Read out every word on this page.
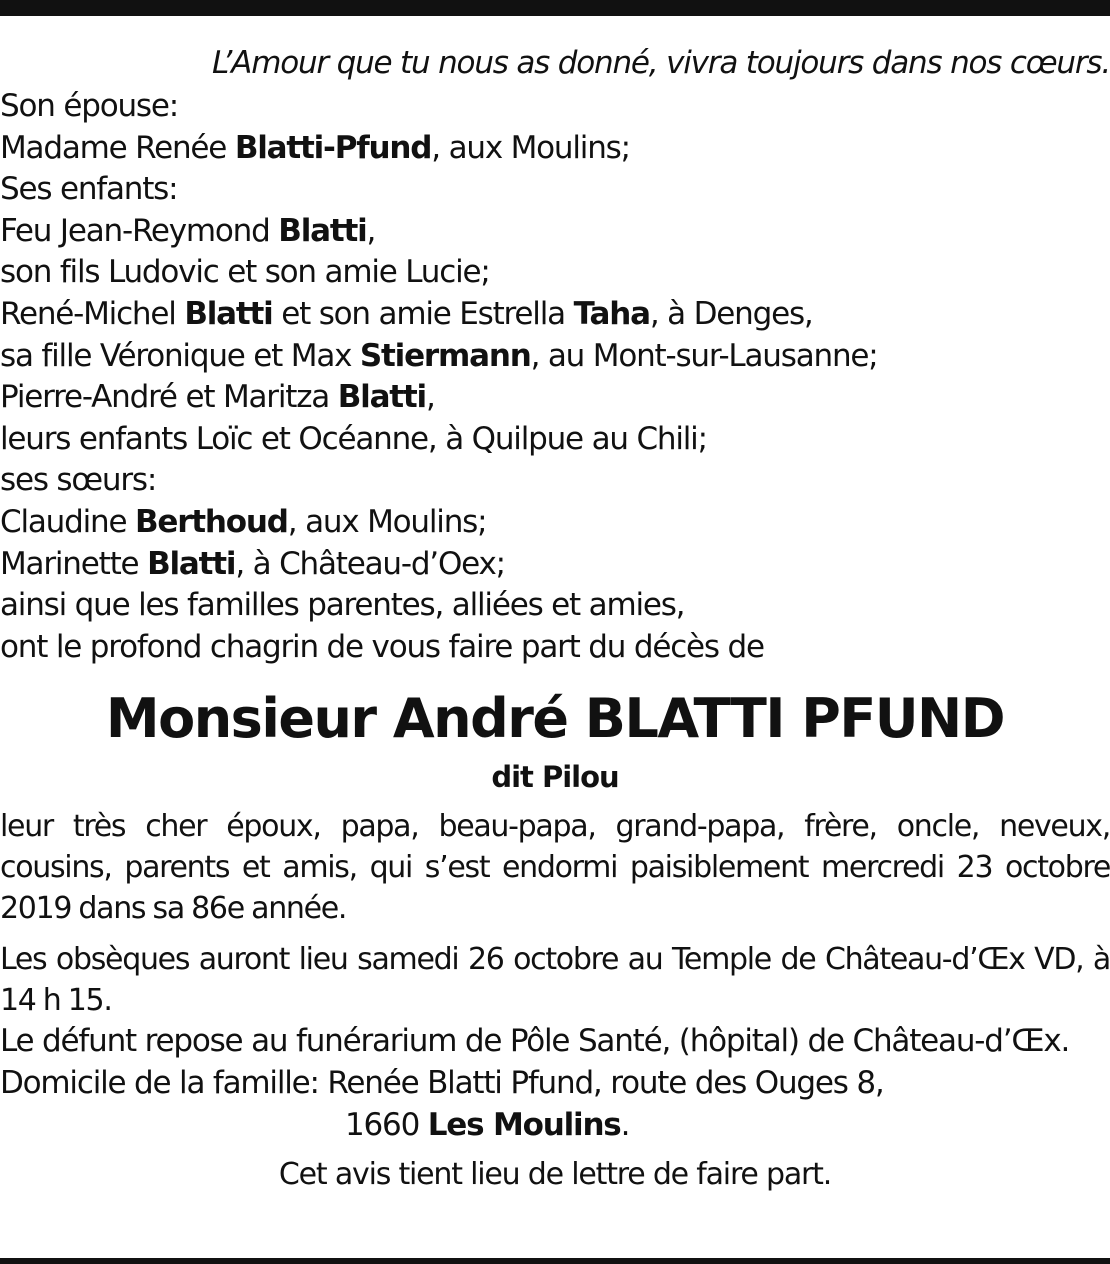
L’Amour que tu nous as donné, vivra toujours dans nos cœurs.
Son épouse:
Madame Renée Blatti-Pfund, aux Moulins;
Ses enfants:
Feu Jean-Reymond Blatti,
son fils Ludovic et son amie Lucie;
René-Michel Blatti et son amie Estrella Taha, à Denges,
sa fille Véronique et Max Stiermann, au Mont-sur-Lausanne;
Pierre-André et Maritza Blatti,
leurs enfants Loïc et Océanne, à Quilpue au Chili;
ses sœurs:
Claudine Berthoud, aux Moulins;
Marinette Blatti, à Château-d’Oex;
ainsi que les familles parentes, alliées et amies,
ont le profond chagrin de vous faire part du décès de
Monsieur André BLATTI PFUND
dit Pilou
leur très cher époux, papa, beau-papa, grand-papa, frère, oncle, neveux, cousins, parents et amis, qui s’est endormi paisiblement mercredi 23 octobre 2019 dans sa 86e année.
Les obsèques auront lieu samedi 26 octobre au Temple de Château-d’Œx VD, à 14 h 15.
Le défunt repose au funérarium de Pôle Santé, (hôpital) de Château-d’Œx.
Domicile de la famille: Renée Blatti Pfund, route des Ouges 8,
1660 Les Moulins.
Cet avis tient lieu de lettre de faire part.
